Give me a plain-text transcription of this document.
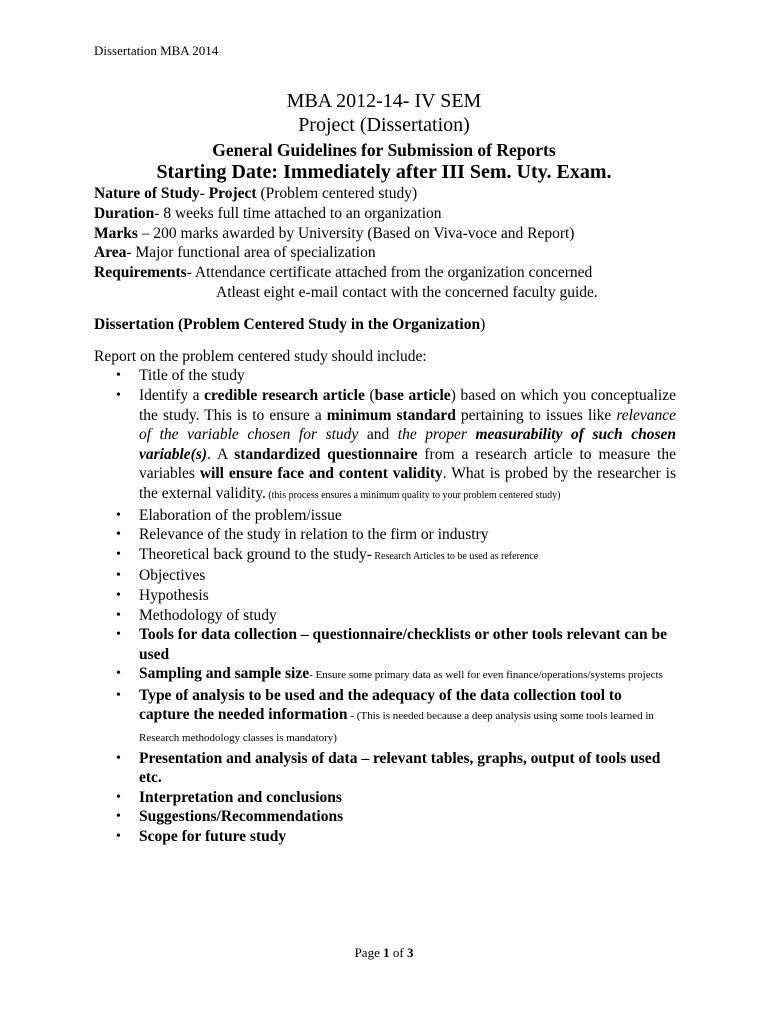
Dissertation MBA 2014
MBA 2012-14- IV SEM
Project (Dissertation)
General Guidelines for Submission of Reports
Starting Date: Immediately after III Sem. Uty. Exam.
Nature of Study- Project (Problem centered study)
Duration- 8 weeks full time attached to an organization
Marks – 200 marks awarded by University (Based on Viva-voce and Report)
Area- Major functional area of specialization
Requirements- Attendance certificate attached from the organization concerned
Atleast eight e-mail contact with the concerned faculty guide.
Dissertation (Problem Centered Study in the Organization)
Report on the problem centered study should include:
• Title of the study
• Identify a credible research article (base article) based on which you conceptualize the study. This is to ensure a minimum standard pertaining to issues like relevance of the variable chosen for study and the proper measurability of such chosen variable(s). A standardized questionnaire from a research article to measure the variables will ensure face and content validity. What is probed by the researcher is the external validity. (this process ensures a minimum quality to your problem centered study)
• Elaboration of the problem/issue
• Relevance of the study in relation to the firm or industry
• Theoretical back ground to the study- Research Articles to be used as reference
• Objectives
• Hypothesis
• Methodology of study
• Tools for data collection – questionnaire/checklists or other tools relevant can be used
• Sampling and sample size- Ensure some primary data as well for even finance/operations/systems projects
• Type of analysis to be used and the adequacy of the data collection tool to capture the needed information - (This is needed because a deep analysis using some tools learned in Research methodology classes is mandatory)
• Presentation and analysis of data – relevant tables, graphs, output of tools used etc.
• Interpretation and conclusions
• Suggestions/Recommendations
• Scope for future study
Page 1 of 3
